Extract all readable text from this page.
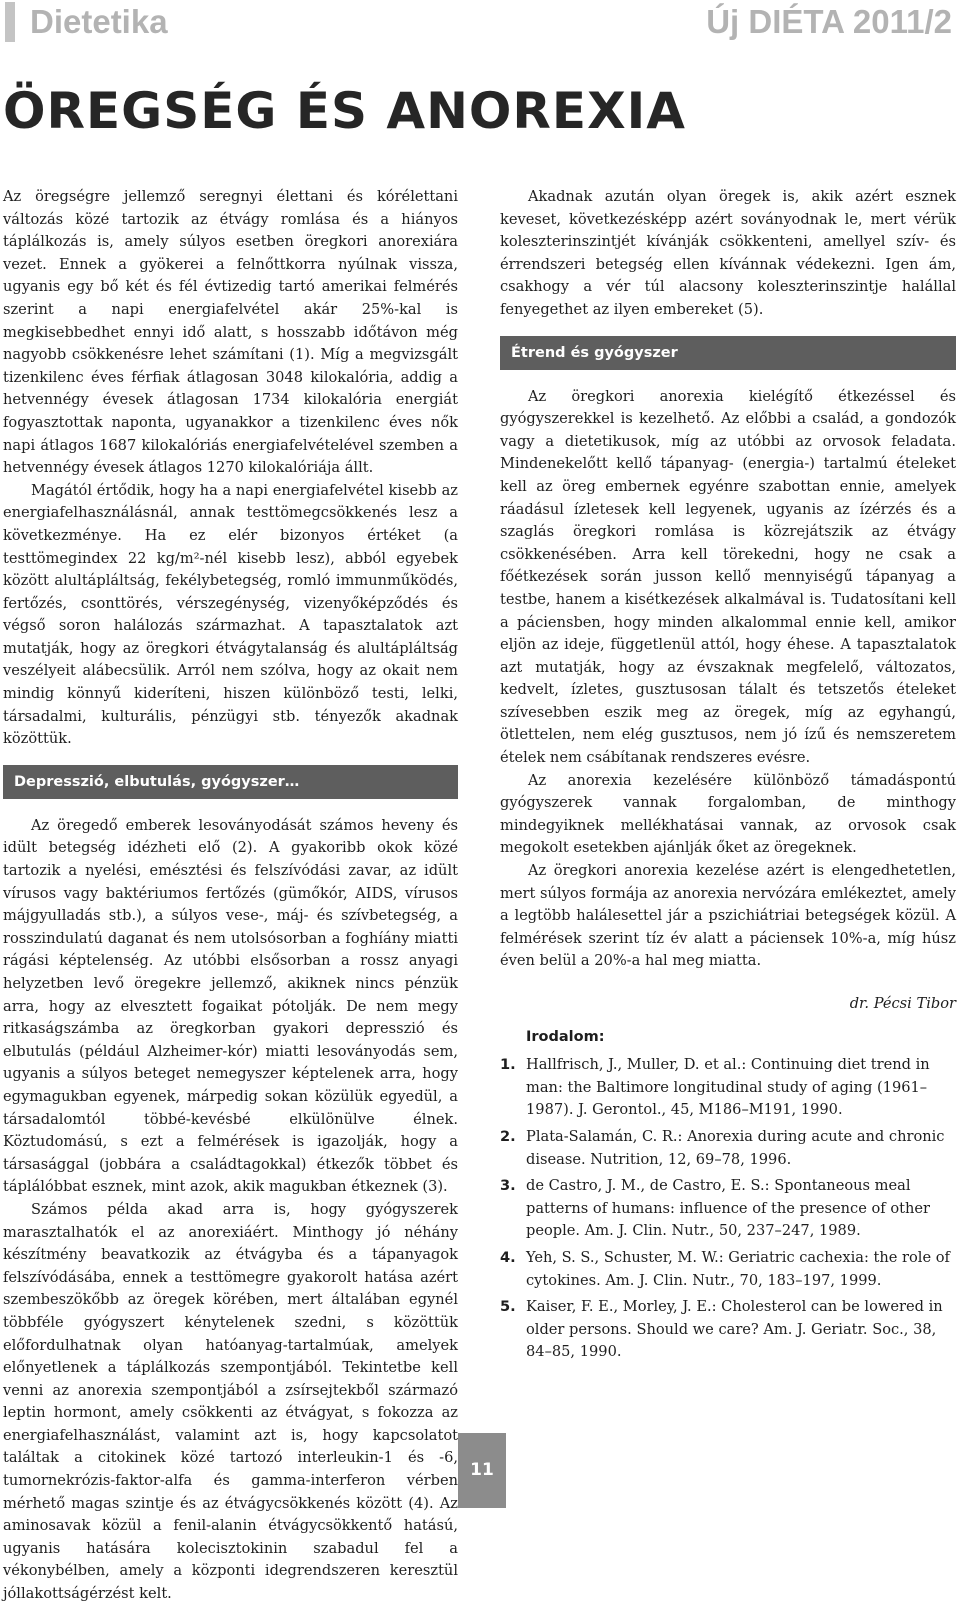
Dietetika	Új DIÉTA 2011/2
ÖREGSÉG ÉS ANOREXIA

Az öregségre jellemző seregnyi élettani és kórélettani változás közé tartozik az étvágy romlása és a hiányos táplálkozás is, amely súlyos esetben öregkori anorexiára vezet. Ennek a gyökerei a felnőttkorra nyúlnak vissza, ugyanis egy bő két és fél évtizedig tartó amerikai felmérés szerint a napi energiafelvétel akár 25%-kal is megkisebbedhet ennyi idő alatt, s hosszabb időtávon még nagyobb csökkenésre lehet számítani (1). Míg a megvizsgált tizenkilenc éves férfiak átlagosan 3048 kilokalória, addig a hetvennégy évesek átlagosan 1734 kilokalória energiát fogyasztottak naponta, ugyanakkor a tizenkilenc éves nők napi átlagos 1687 kilokalóriás energiafelvételével szemben a hetvennégy évesek átlagos 1270 kilokalóriája állt.

Magától értődik, hogy ha a napi energiafelvétel kisebb az energiafelhasználásnál, annak testtömegcsökkenés lesz a következménye. Ha ez elér bizonyos értéket (a testtömegindex 22 kg/m²-nél kisebb lesz), abból egyebek között alultápláltság, fekélybetegség, romló immunműködés, fertőzés, csonttörés, vérszegénység, vizenyőképződés és végső soron halálozás származhat. A tapasztalatok azt mutatják, hogy az öregkori étvágytalanság és alultápláltság veszélyeit alábecsülik. Arról nem szólva, hogy az okait nem mindig könnyű kideríteni, hiszen különböző testi, lelki, társadalmi, kulturális, pénzügyi stb. tényezők akadnak közöttük.

Depresszió, elbutulás, gyógyszer…

Az öregedő emberek lesoványodását számos heveny és idült betegség idézheti elő (2). A gyakoribb okok közé tartozik a nyelési, emésztési és felszívódási zavar, az idült vírusos vagy baktériumos fertőzés (gümőkór, AIDS, vírusos májgyulladás stb.), a súlyos vese-, máj- és szívbetegség, a rosszindulatú daganat és nem utolsósorban a foghíány miatti rágási képtelenség. Az utóbbi elsősorban a rossz anyagi helyzetben levő öregekre jellemző, akiknek nincs pénzük arra, hogy az elvesztett fogaikat pótolják. De nem megy ritkaságszámba az öregkorban gyakori depresszió és elbutulás (például Alzheimer-kór) miatti lesoványodás sem, ugyanis a súlyos beteget nemegyszer képtelenek arra, hogy egymagukban egyenek, márpedig sokan közülük egyedül, a társadalomtól többé-kevésbé elkülönülve élnek. Köztudomású, s ezt a felmérések is igazolják, hogy a társasággal (jobbára a családtagokkal) étkezők többet és táplálóbbat esznek, mint azok, akik magukban étkeznek (3).

Számos példa akad arra is, hogy gyógyszerek marasztalhatók el az anorexiáért. Minthogy jó néhány készítmény beavatkozik az étvágyba és a tápanyagok felszívódásába, ennek a testtömegre gyakorolt hatása azért szembeszökőbb az öregek körében, mert általában egynél többféle gyógyszert kénytelenek szedni, s közöttük előfordulhatnak olyan hatóanyag-tartalmúak, amelyek előnyetlenek a táplálkozás szempontjából. Tekintetbe kell venni az anorexia szempontjából a zsírsejtekből származó leptin hormont, amely csökkenti az étvágyat, s fokozza az energiafelhasználást, valamint azt is, hogy kapcsolatot találtak a citokinek közé tartozó interleukin-1 és -6, tumornekrózis-faktor-alfa és gamma-interferon vérben mérhető magas szintje és az étvágycsökkenés között (4). Az aminosavak közül a fenil-alanin étvágycsökkentő hatású, ugyanis hatására kolecisztokinin szabadul fel a vékonybélben, amely a központi idegrendszeren keresztül jóllakottságérzést kelt.

Akadnak azután olyan öregek is, akik azért esznek keveset, következésképp azért soványodnak le, mert vérük koleszterinszintjét kívánják csökkenteni, amellyel szív- és érrendszeri betegség ellen kívánnak védekezni. Igen ám, csakhogy a vér túl alacsony koleszterinszintje halállal fenyegethet az ilyen embereket (5).

Étrend és gyógyszer

Az öregkori anorexia kielégítő étkezéssel és gyógyszerekkel is kezelhető. Az előbbi a család, a gondozók vagy a dietetikusok, míg az utóbbi az orvosok feladata. Mindenekelőtt kellő tápanyag- (energia-) tartalmú ételeket kell az öreg embernek egyénre szabottan ennie, amelyek ráadásul ízletesek kell legyenek, ugyanis az ízérzés és a szaglás öregkori romlása is közrejátszik az étvágy csökkenésében. Arra kell törekedni, hogy ne csak a főétkezések során jusson kellő mennyiségű tápanyag a testbe, hanem a kisétkezések alkalmával is. Tudatosítani kell a páciensben, hogy minden alkalommal ennie kell, amikor eljön az ideje, függetlenül attól, hogy éhese. A tapasztalatok azt mutatják, hogy az évszaknak megfelelő, változatos, kedvelt, ízletes, gusztusosan tálalt és tetszetős ételeket szívesebben eszik meg az öregek, míg az egyhangú, ötlettelen, nem elég gusztusos, nem jó ízű és nemszeretem ételek nem csábítanak rendszeres evésre.

Az anorexia kezelésére különböző támadáspontú gyógyszerek vannak forgalomban, de minthogy mindegyiknek mellékhatásai vannak, az orvosok csak megokolt esetekben ajánlják őket az öregeknek.

Az öregkori anorexia kezelése azért is elengedhetetlen, mert súlyos formája az anorexia nervózára emlékeztet, amely a legtöbb halálesettel jár a pszichiátriai betegségek közül. A felmérések szerint tíz év alatt a páciensek 10%-a, míg húsz éven belül a 20%-a hal meg miatta.

dr. Pécsi Tibor
Irodalom:
1. Hallfrisch, J., Muller, D. et al.: Continuing diet trend in man: the Baltimore longitudinal study of aging (1961–1987). J. Gerontol., 45, M186–M191, 1990.
2. Plata-Salamán, C. R.: Anorexia during acute and chronic disease. Nutrition, 12, 69–78, 1996.
3. de Castro, J. M., de Castro, E. S.: Spontaneous meal patterns of humans: influence of the presence of other people. Am. J. Clin. Nutr., 50, 237–247, 1989.
4. Yeh, S. S., Schuster, M. W.: Geriatric cachexia: the role of cytokines. Am. J. Clin. Nutr., 70, 183–197, 1999.
5. Kaiser, F. E., Morley, J. E.: Cholesterol can be lowered in older persons. Should we care? Am. J. Geriatr. Soc., 38, 84–85, 1990.
11
